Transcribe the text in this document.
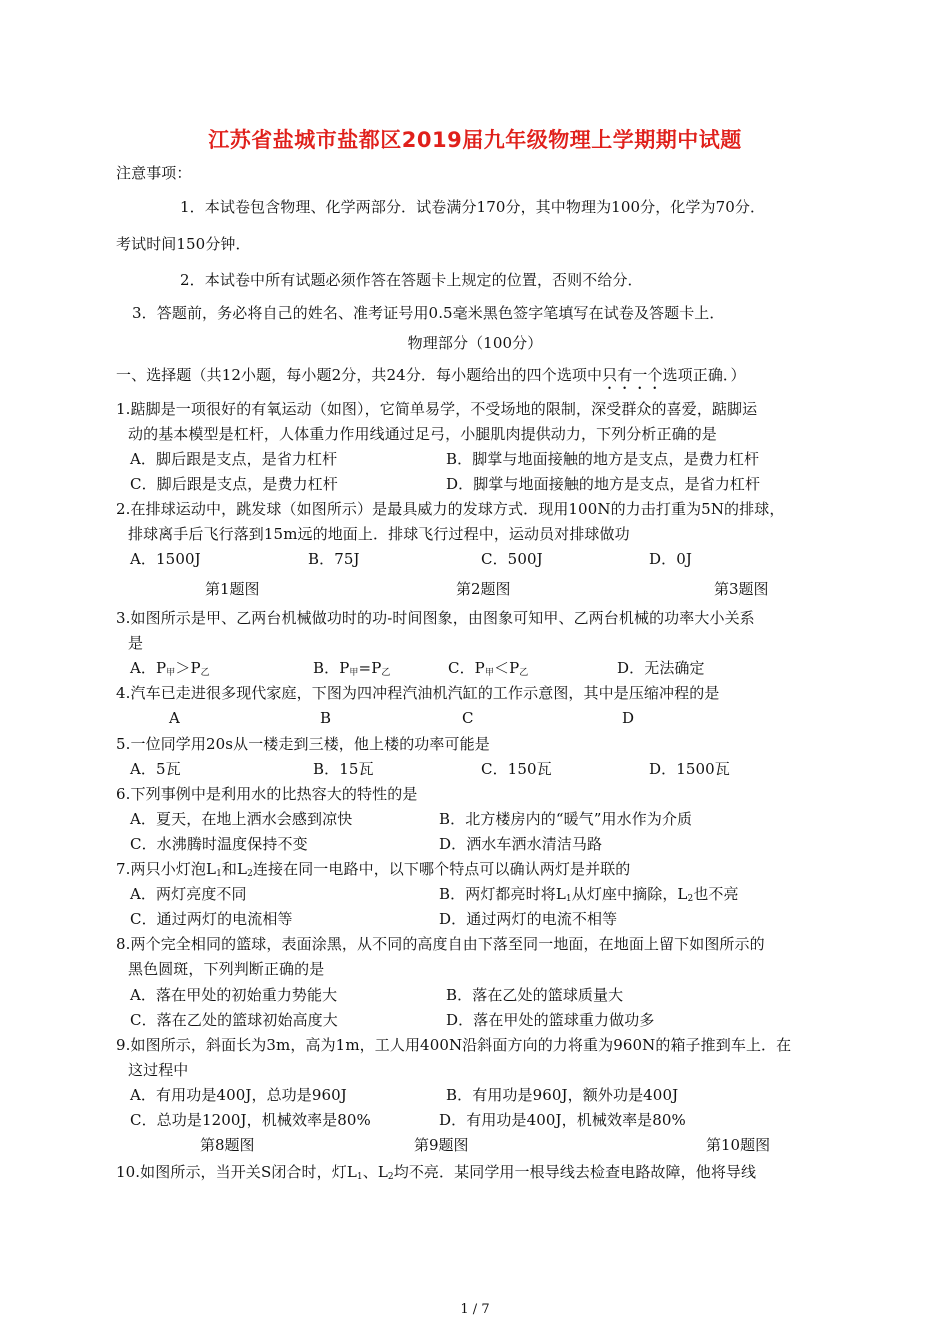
江苏省盐城市盐都区2019届九年级物理上学期期中试题
注意事项：
1．本试卷包含物理、化学两部分．试卷满分170分，其中物理为100分，化学为70分．
考试时间150分钟．
2．本试卷中所有试题必须作答在答题卡上规定的位置，否则不给分．
3．答题前，务必将自己的姓名、准考证号用0.5毫米黑色签字笔填写在试卷及答题卡上．
物理部分（100分）
一、选择题（共12小题，每小题2分，共24分．每小题给出的四个选项中只有一个选项正确．）
1.踮脚是一项很好的有氧运动（如图），它简单易学，不受场地的限制，深受群众的喜爱，踮脚运
动的基本模型是杠杆，人体重力作用线通过足弓，小腿肌肉提供动力，下列分析正确的是
A．脚后跟是支点，是省力杠杆	B．脚掌与地面接触的地方是支点，是费力杠杆
C．脚后跟是支点，是费力杠杆	D．脚掌与地面接触的地方是支点，是省力杠杆
2.在排球运动中，跳发球（如图所示）是最具威力的发球方式．现用100N的力击打重为5N的排球，
排球离手后飞行落到15m远的地面上．排球飞行过程中，运动员对排球做功
A．1500J	B．75J	C．500J	D．0J
第1题图	第2题图	第3题图
3.如图所示是甲、乙两台机械做功时的功-时间图象，由图象可知甲、乙两台机械的功率大小关系
是
A．$P_甲>P_乙$	B．$P_甲=P_乙$	C．$P_甲<P_乙$	D．无法确定
4.汽车已走进很多现代家庭，下图为四冲程汽油机汽缸的工作示意图，其中是压缩冲程的是
A	B	C	D
5.一位同学用20s从一楼走到三楼，他上楼的功率可能是
A．5瓦	B．15瓦	C．150瓦	D．1500瓦
6.下列事例中是利用水的比热容大的特性的是
A．夏天，在地上洒水会感到凉快	B．北方楼房内的“暖气”用水作为介质
C．水沸腾时温度保持不变	D．洒水车洒水清洁马路
7.两只小灯泡$L_1$和$L_2$连接在同一电路中，以下哪个特点可以确认两灯是并联的
A．两灯亮度不同	B．两灯都亮时将$L_1$从灯座中摘除，$L_2$也不亮
C．通过两灯的电流相等	D．通过两灯的电流不相等
8.两个完全相同的篮球，表面涂黑，从不同的高度自由下落至同一地面，在地面上留下如图所示的
黑色圆斑，下列判断正确的是
A．落在甲处的初始重力势能大	B．落在乙处的篮球质量大
C．落在乙处的篮球初始高度大	D．落在甲处的篮球重力做功多
9.如图所示，斜面长为3m，高为1m，工人用400N沿斜面方向的力将重为960N的箱子推到车上．在
这过程中
A．有用功是400J，总功是960J	B．有用功是960J，额外功是400J
C．总功是1200J，机械效率是80%	D．有用功是400J，机械效率是80%
第8题图	第9题图	第10题图
10.如图所示，当开关S闭合时，灯$L_1$、$L_2$均不亮．某同学用一根导线去检查电路故障，他将导线
1 / 7
